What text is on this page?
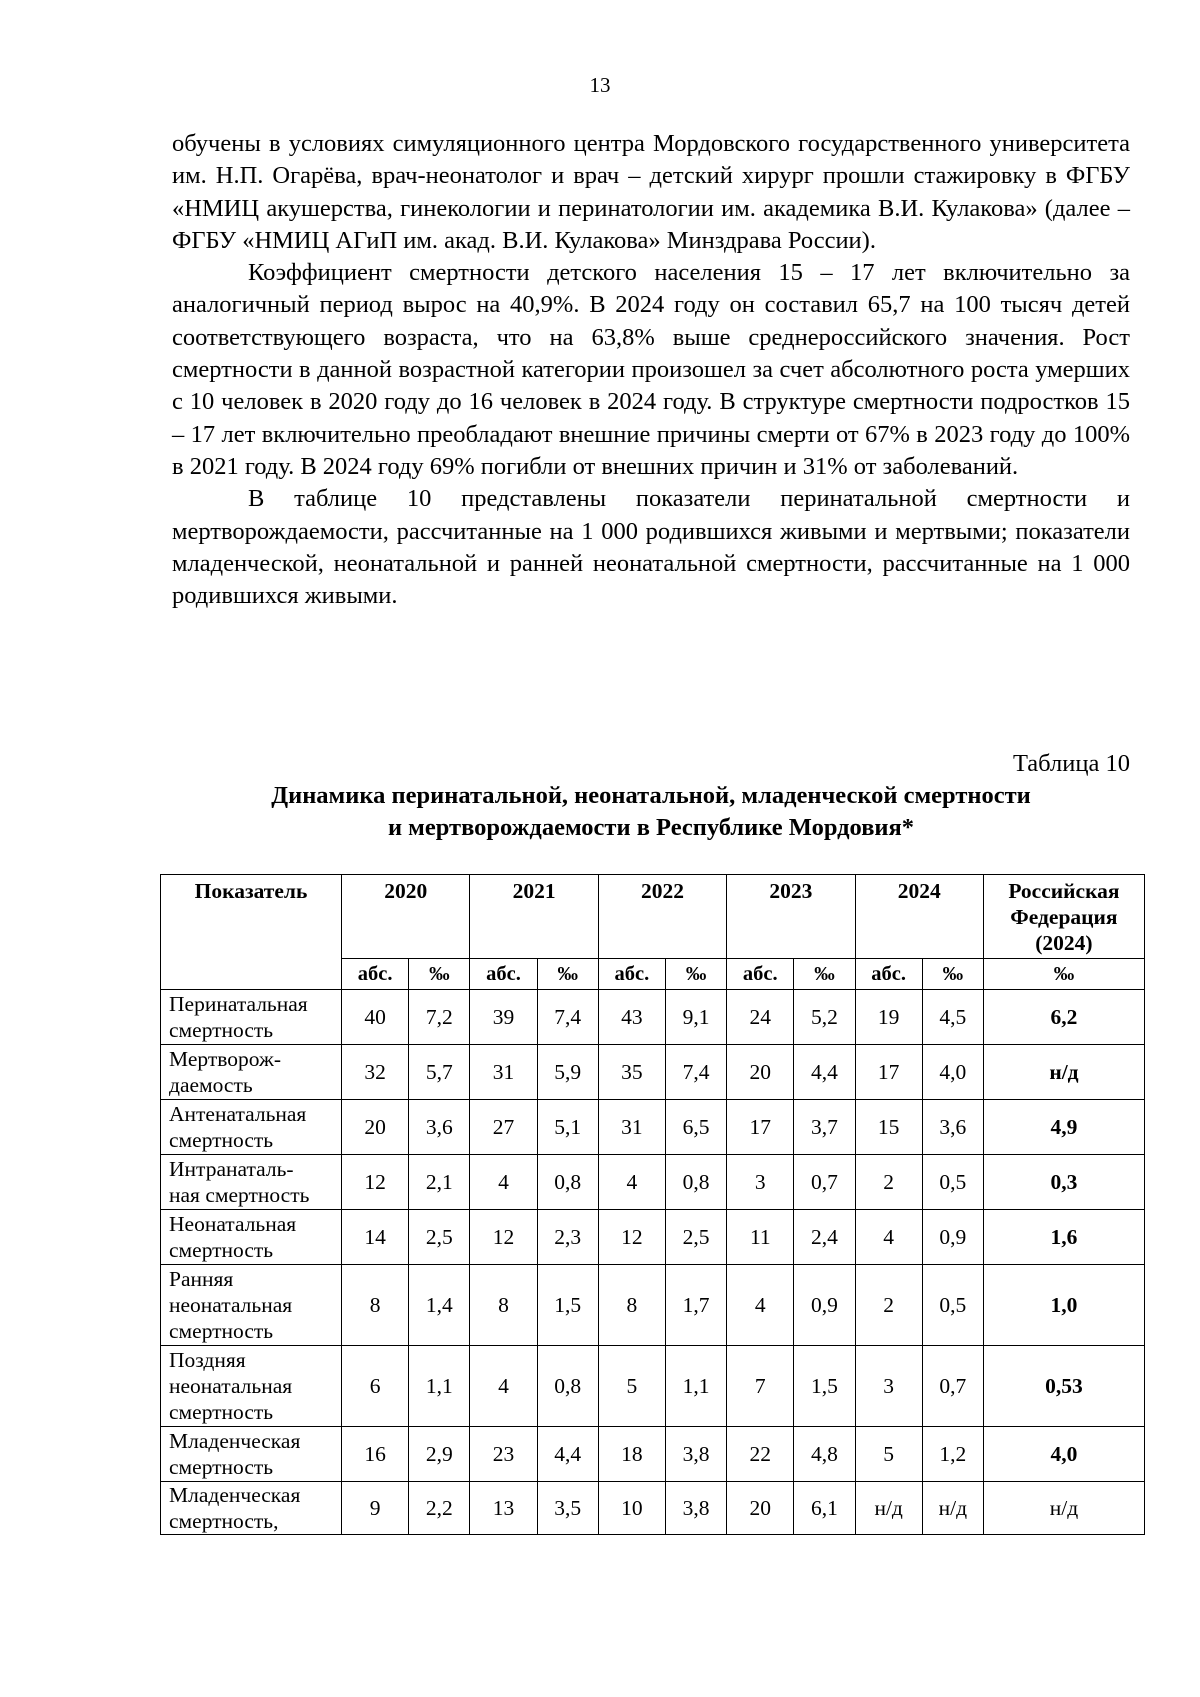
13

обучены в условиях симуляционного центра Мордовского государственного университета им. Н.П. Огарёва, врач-неонатолог и врач – детский хирург прошли стажировку в ФГБУ «НМИЦ акушерства, гинекологии и перинатологии им. академика В.И. Кулакова» (далее – ФГБУ «НМИЦ АГиП им. акад. В.И. Кулакова» Минздрава России).

Коэффициент смертности детского населения 15 – 17 лет включительно за аналогичный период вырос на 40,9%. В 2024 году он составил 65,7 на 100 тысяч детей соответствующего возраста, что на 63,8% выше среднероссийского значения. Рост смертности в данной возрастной категории произошел за счет абсолютного роста умерших с 10 человек в 2020 году до 16 человек в 2024 году. В структуре смертности подростков 15 – 17 лет включительно преобладают внешние причины смерти от 67% в 2023 году до 100% в 2021 году. В 2024 году 69% погибли от внешних причин и 31% от заболеваний.

В таблице 10 представлены показатели перинатальной смертности и мертворождаемости, рассчитанные на 1 000 родившихся живыми и мертвыми; показатели младенческой, неонатальной и ранней неонатальной смертности, рассчитанные на 1 000 родившихся живыми.

Таблица 10
Динамика перинатальной, неонатальной, младенческой смертности
и мертворождаемости в Республике Мордовия*
Показатель	2020		2021		2022		2023		2024		Российская
Федерация
(2024)
	абс.	‰	абс.	‰	абс.	‰	абс.	‰	абс.	‰	‰
Перинатальная
смертность	40	7,2	39	7,4	43	9,1	24	5,2	19	4,5	6,2
Мертворож-
даемость	32	5,7	31	5,9	35	7,4	20	4,4	17	4,0	н/д
Антенатальная
смертность	20	3,6	27	5,1	31	6,5	17	3,7	15	3,6	4,9
Интранаталь-
ная смертность	12	2,1	4	0,8	4	0,8	3	0,7	2	0,5	0,3
Неонатальная
смертность	14	2,5	12	2,3	12	2,5	11	2,4	4	0,9	1,6
Ранняя
неонатальная
смертность	8	1,4	8	1,5	8	1,7	4	0,9	2	0,5	1,0
Поздняя
неонатальная
смертность	6	1,1	4	0,8	5	1,1	7	1,5	3	0,7	0,53
Младенческая
смертность	16	2,9	23	4,4	18	3,8	22	4,8	5	1,2	4,0
Младенческая
смертность,	9	2,2	13	3,5	10	3,8	20	6,1	н/д	н/д	н/д
